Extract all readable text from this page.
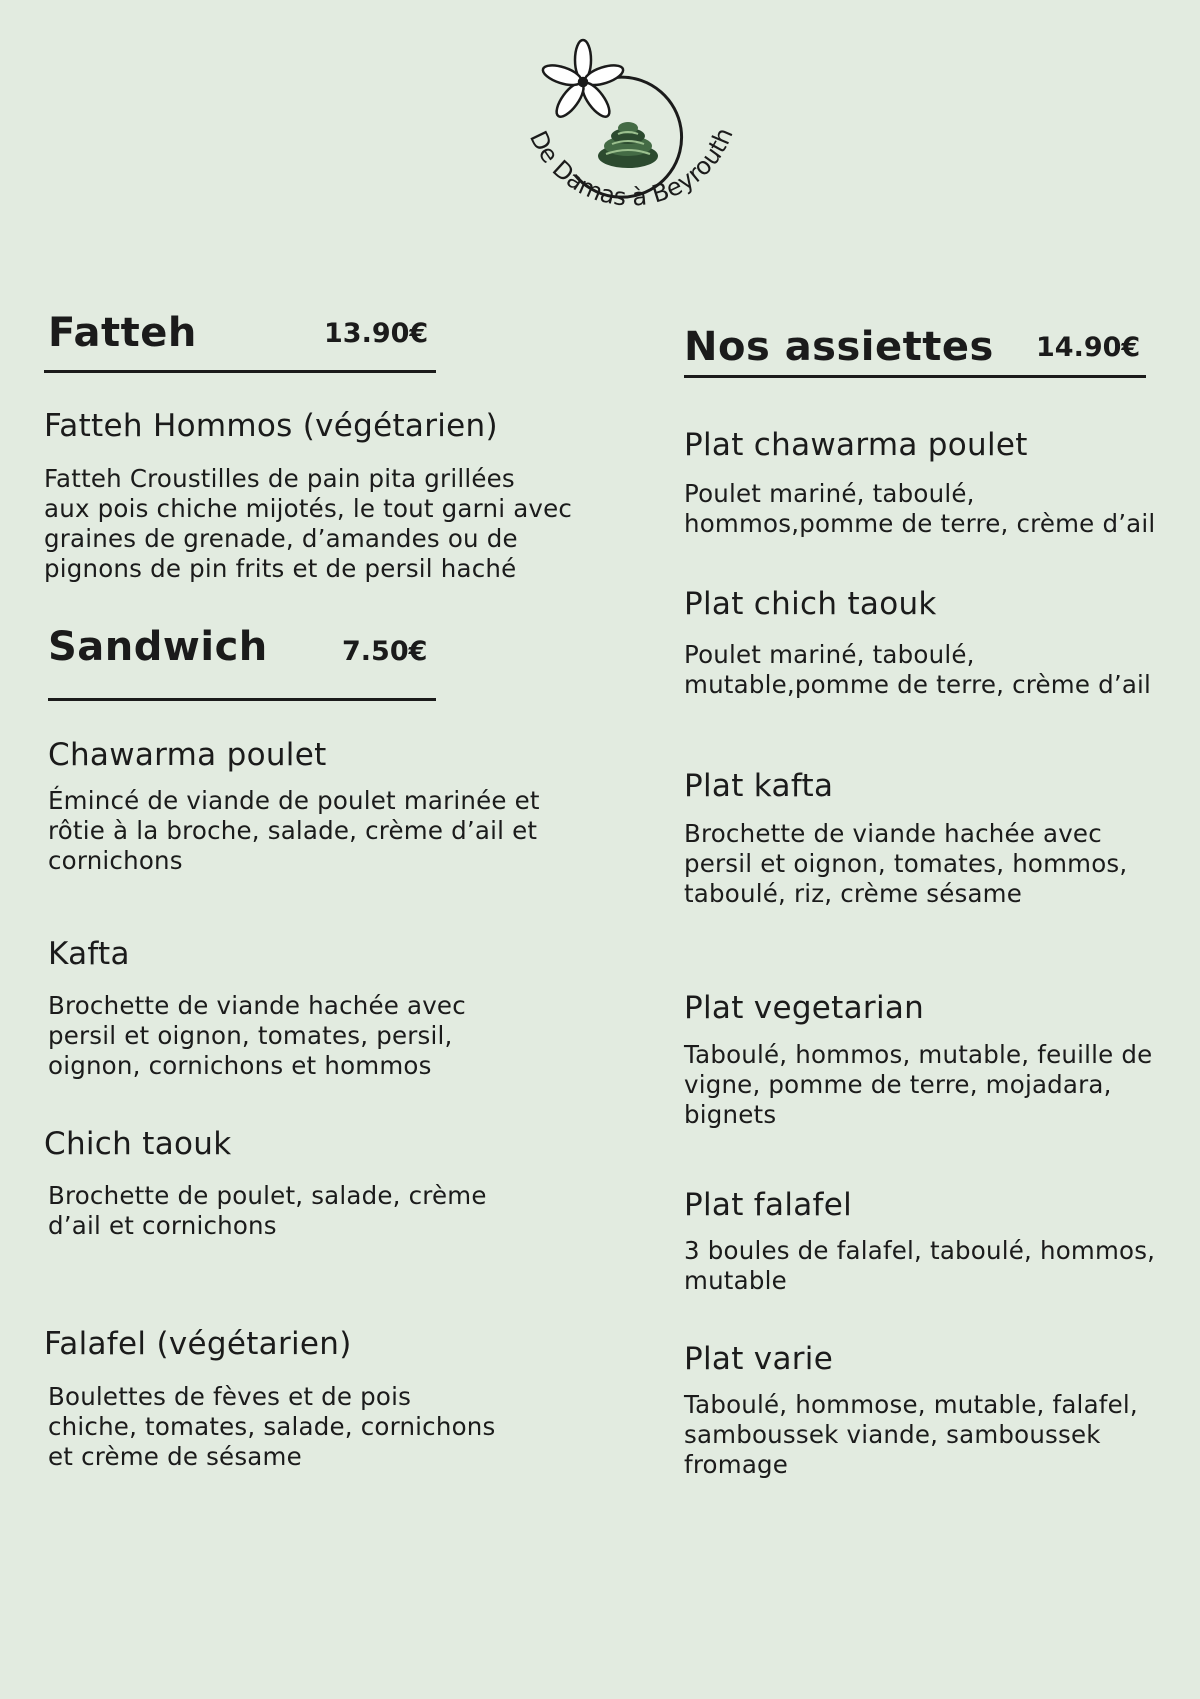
De Damas à Beyrouth
Fatteh	13.90€
Fatteh Hommos (végétarien)
Fatteh Croustilles de pain pita grillées
aux pois chiche mijotés, le tout garni avec
graines de grenade, d’amandes ou de
pignons de pin frits et de persil haché
Sandwich	7.50€
Chawarma poulet
Émincé de viande de poulet marinée et
rôtie à la broche, salade, crème d’ail et
cornichons
Kafta
Brochette de viande hachée avec
persil et oignon, tomates, persil,
oignon, cornichons et hommos
Chich taouk
Brochette de poulet, salade, crème
d’ail et cornichons
Falafel (végétarien)
Boulettes de fèves et de pois
chiche, tomates, salade, cornichons
et crème de sésame
Nos assiettes 14.90€
Plat chawarma poulet
Poulet mariné, taboulé,
hommos,pomme de terre, crème d’ail
Plat chich taouk
Poulet mariné, taboulé,
mutable,pomme de terre, crème d’ail
Plat kafta
Brochette de viande hachée avec
persil et oignon, tomates, hommos,
taboulé, riz, crème sésame
Plat vegetarian
Taboulé, hommos, mutable, feuille de
vigne, pomme de terre, mojadara,
bignets
Plat falafel
3 boules de falafel, taboulé, hommos,
mutable
Plat varie
Taboulé, hommose, mutable, falafel,
samboussek viande, samboussek
fromage
